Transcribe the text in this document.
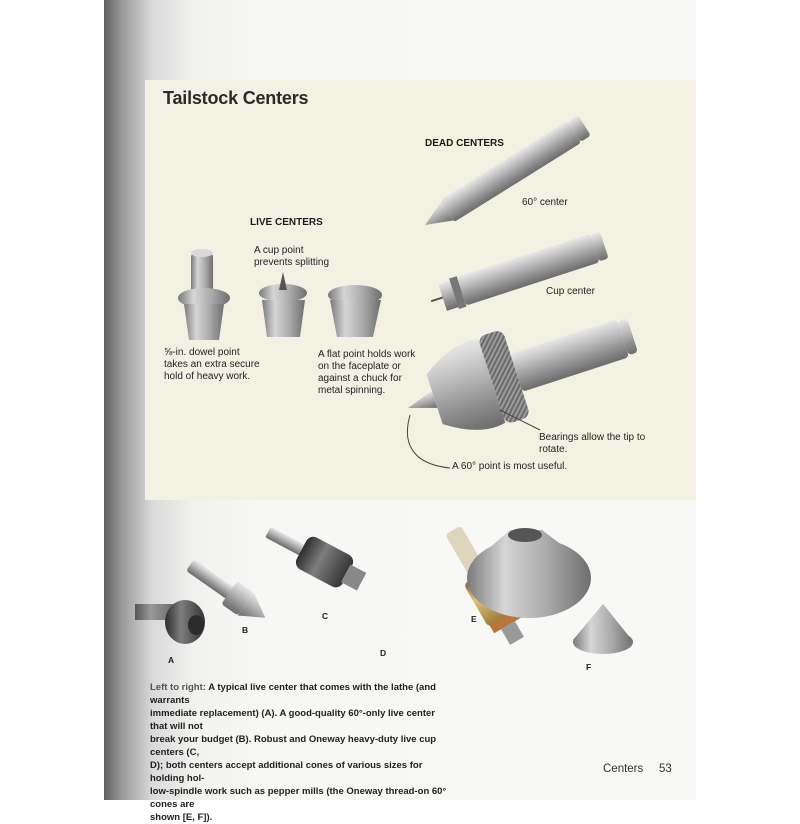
Tailstock Centers
DEAD CENTERS
60° center
Cup center
LIVE CENTERS
A cup point
prevents splitting
⅝-in. dowel point
takes an extra secure
hold of heavy work.
A flat point holds work
on the faceplate or
against a chuck for
metal spinning.
Bearings allow the tip to
rotate.
A 60° point is most useful.
A
B
C
D
E
F

Left to right: A typical live center that comes with the lathe (and warrants
immediate replacement) (A). A good-quality 60°-only live center that will not
break your budget (B). Robust and Oneway heavy-duty live cup centers (C,
D); both centers accept additional cones of various sizes for holding hol-
low-spindle work such as pepper mills (the Oneway thread-on 60° cones are
shown [E, F]).

Centers 53
